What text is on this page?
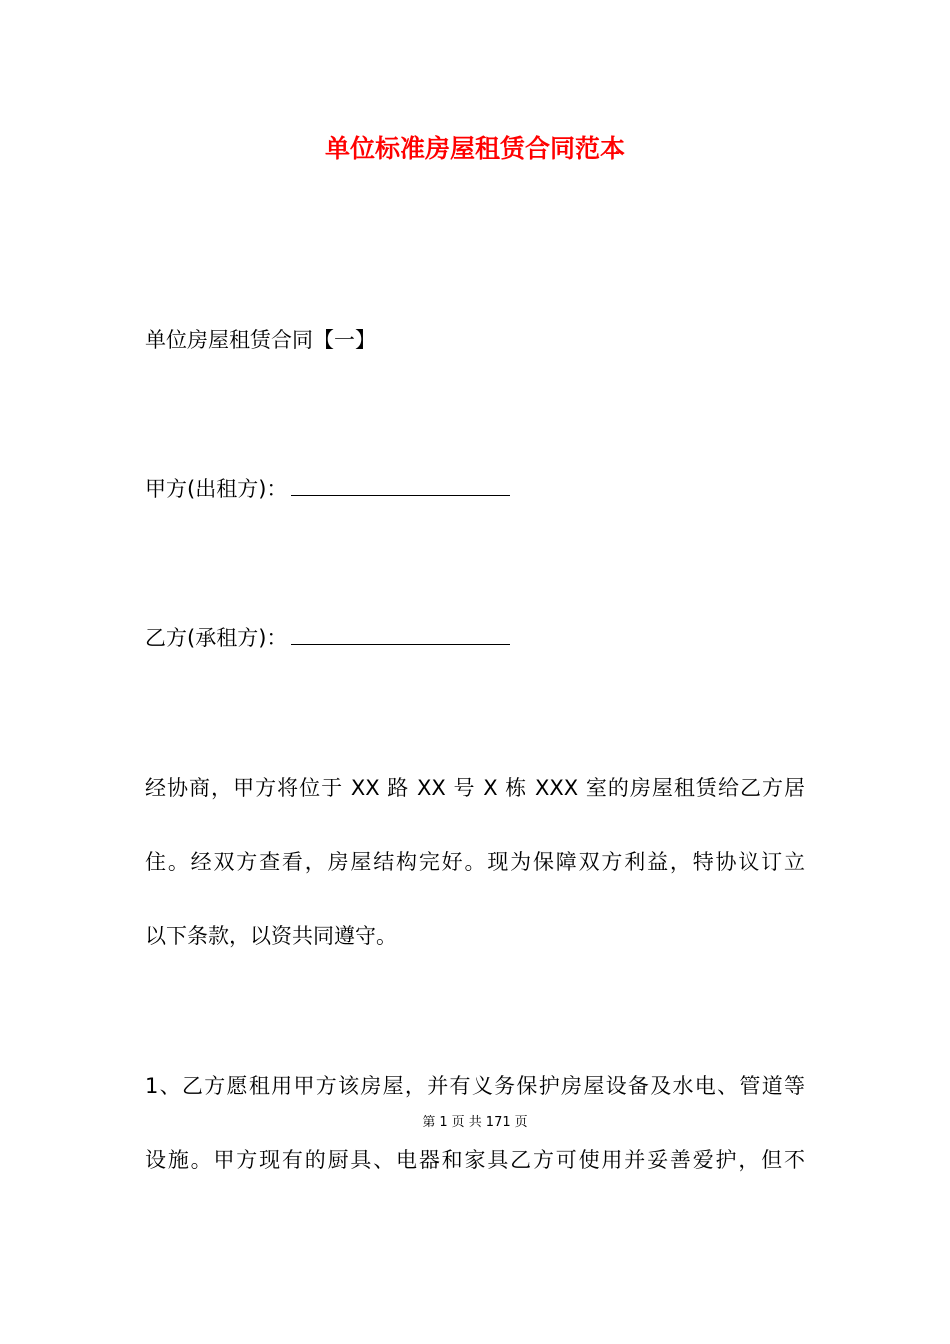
单位标准房屋租赁合同范本
单位房屋租赁合同【一】
甲方(出租方)：
乙方(承租方)：
经协商，甲方将位于 XX 路 XX 号 X 栋 XXX 室的房屋租赁给乙方居
住。经双方查看，房屋结构完好。现为保障双方利益，特协议订立
以下条款，以资共同遵守。
1、乙方愿租用甲方该房屋，并有义务保护房屋设备及水电、管道等
第 1 页 共 171 页
设施。甲方现有的厨具、电器和家具乙方可使用并妥善爱护，但不
